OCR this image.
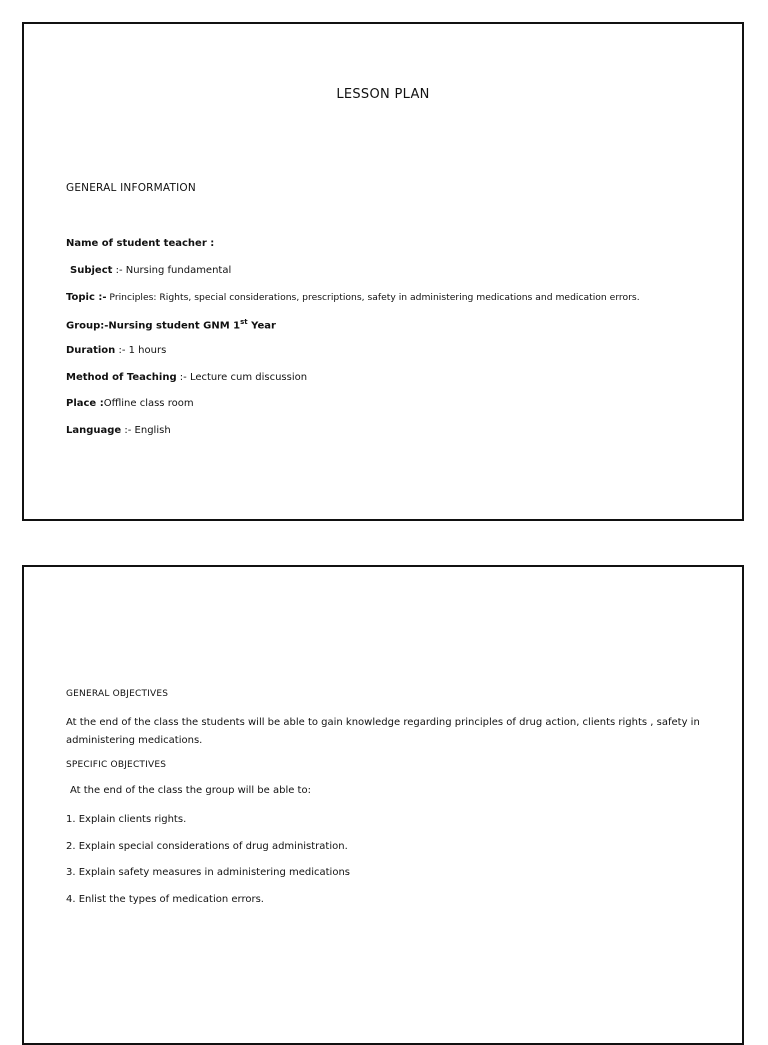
LESSON PLAN
GENERAL INFORMATION
Name of student teacher :
Subject :- Nursing fundamental
Topic :- Principles: Rights, special considerations, prescriptions, safety in administering medications and medication errors.
Group:-Nursing student GNM 1st Year
Duration :- 1 hours
Method of Teaching :- Lecture cum discussion
Place :Offline class room
Language :- English
GENERAL OBJECTIVES
At the end of the class the students will be able to gain knowledge regarding principles of drug action, clients rights , safety in administering medications.
SPECIFIC OBJECTIVES
At the end of the class the group will be able to:
1. Explain clients rights.
2. Explain special considerations of drug administration.
3. Explain safety measures in administering medications
4. Enlist the types of medication errors.
